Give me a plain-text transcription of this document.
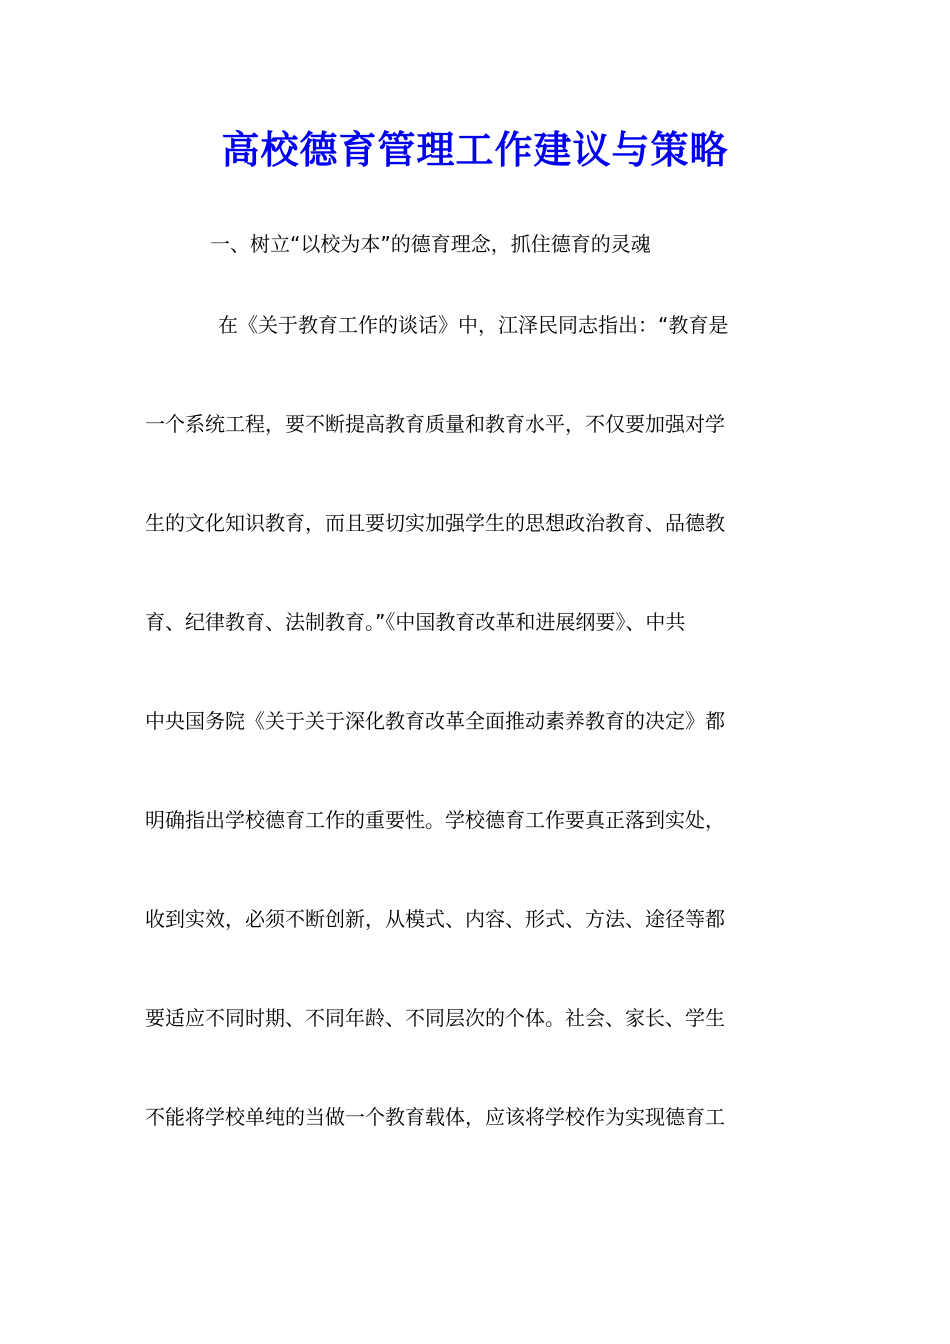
高校德育管理工作建议与策略
一、树立“以校为本”的德育理念，抓住德育的灵魂
在《关于教育工作的谈话》中，江泽民同志指出：“教育是
一个系统工程，要不断提高教育质量和教育水平，不仅要加强对学
生的文化知识教育，而且要切实加强学生的思想政治教育、品德教
育、纪律教育、法制教育。”《中国教育改革和进展纲要》、中共
中央国务院《关于关于深化教育改革全面推动素养教育的决定》都
明确指出学校德育工作的重要性。学校德育工作要真正落到实处，
收到实效，必须不断创新，从模式、内容、形式、方法、途径等都
要适应不同时期、不同年龄、不同层次的个体。社会、家长、学生
不能将学校单纯的当做一个教育载体，应该将学校作为实现德育工
